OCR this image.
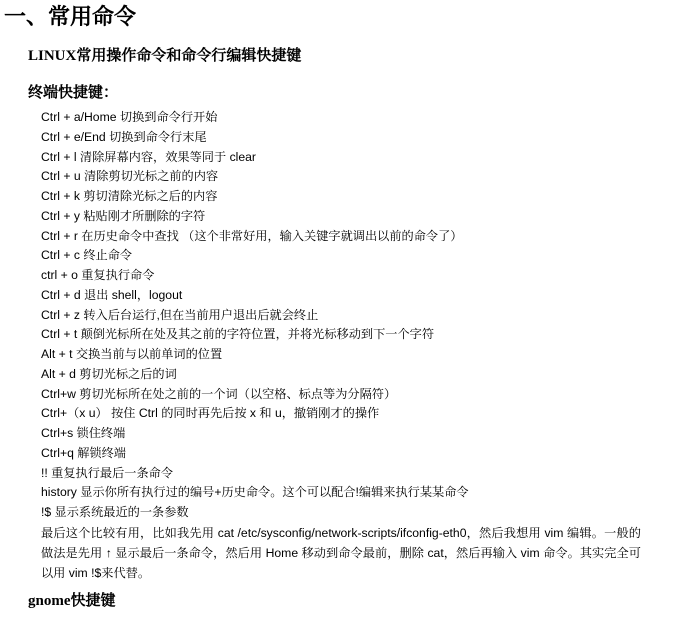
一、常用命令
LINUX常用操作命令和命令行编辑快捷键
终端快捷键：
Ctrl + a/Home 切换到命令行开始
Ctrl + e/End 切换到命令行末尾
Ctrl + l 清除屏幕内容，效果等同于 clear
Ctrl + u 清除剪切光标之前的内容
Ctrl + k 剪切清除光标之后的内容
Ctrl + y 粘贴刚才所删除的字符
Ctrl + r 在历史命令中查找 （这个非常好用，输入关键字就调出以前的命令了）
Ctrl + c 终止命令
ctrl + o 重复执行命令
Ctrl + d 退出 shell，logout
Ctrl + z 转入后台运行,但在当前用户退出后就会终止
Ctrl + t 颠倒光标所在处及其之前的字符位置，并将光标移动到下一个字符
Alt + t 交换当前与以前单词的位置
Alt + d 剪切光标之后的词
Ctrl+w 剪切光标所在处之前的一个词（以空格、标点等为分隔符）
Ctrl+（x u） 按住 Ctrl 的同时再先后按 x 和 u，撤销刚才的操作
Ctrl+s 锁住终端
Ctrl+q 解锁终端
!! 重复执行最后一条命令
history 显示你所有执行过的编号+历史命令。这个可以配合!编辑来执行某某命令
!$ 显示系统最近的一条参数
最后这个比较有用，比如我先用 cat /etc/sysconfig/network-scripts/ifconfig-eth0，然后我想用 vim 编辑。一般的做法是先用 ↑ 显示最后一条命令，然后用 Home 移动到命令最前，删除 cat，然后再输入 vim 命令。其实完全可以用 vim !$来代替。
gnome快捷键
